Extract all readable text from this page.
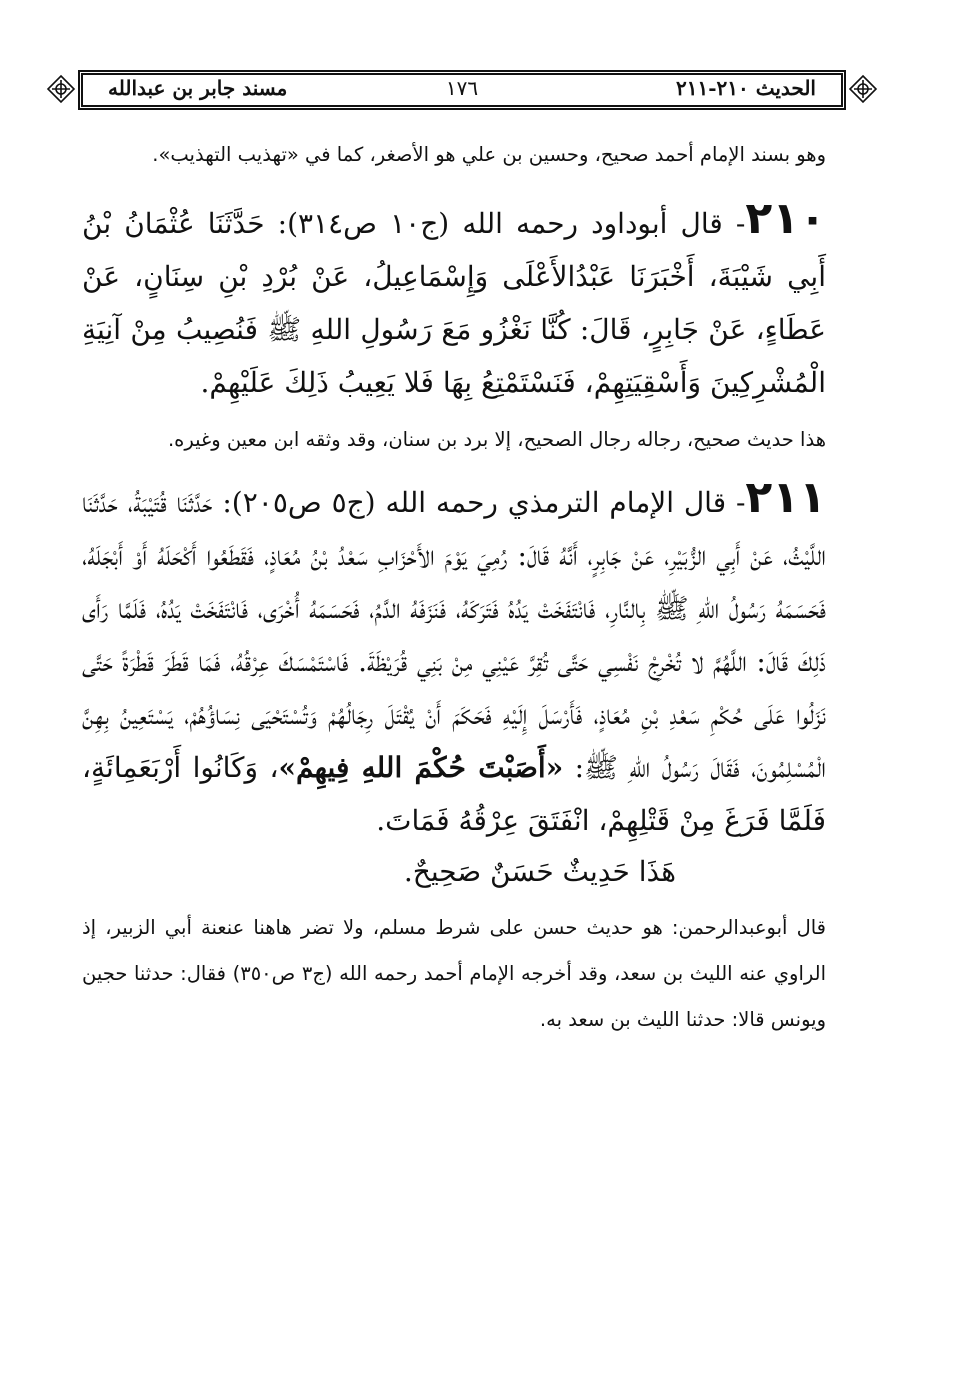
الحديث ٢١٠-٢١١
١٧٦
مسند جابر بن عبدالله

وهو بسند الإمام أحمد صحيح، وحسين بن علي هو الأصغر، كما في «تهذيب التهذيب».

٢١٠- قال أبوداود رحمه الله (ج١٠ ص٣١٤): حَدَّثَنَا عُثْمَانُ بْنُ أَبِي شَيْبَةَ، أَخْبَرَنَا عَبْدُالأَعْلَى وَإِسْمَاعِيلُ، عَنْ بُرْدِ بْنِ سِنَانٍ، عَنْ عَطَاءٍ، عَنْ جَابِرٍ، قَالَ: كُنَّا نَغْزُو مَعَ رَسُولِ اللهِ ﷺ فَنُصِيبُ مِنْ آنِيَةِ الْمُشْرِكِينَ وَأَسْقِيَتِهِمْ، فَنَسْتَمْتِعُ بِهَا فَلا يَعِيبُ ذَلِكَ عَلَيْهِمْ.

هذا حديث صحيح، رجاله رجال الصحيح، إلا برد بن سنان، وقد وثقه ابن معين وغيره.

٢١١- قال الإمام الترمذي رحمه الله (ج٥ ص٢٠٥): حَدَّثَنَا قُتَيْبَةُ، حَدَّثَنَا اللَّيْثُ، عَنْ أَبِي الزُّبَيْرِ، عَنْ جَابِرٍ، أَنَّهُ قَالَ: رُمِيَ يَوْمَ الأَحْزَابِ سَعْدُ بْنُ مُعَاذٍ، فَقَطَعُوا أَكْحَلَهُ أَوْ أَبْجَلَهُ، فَحَسَمَهُ رَسُولُ اللهِ ﷺ بِالنَّارِ، فَانْتَفَخَتْ يَدُهُ فَتَرَكَهُ، فَنَزَفَهُ الدَّمُ، فَحَسَمَهُ أُخْرَى، فَانْتَفَخَتْ يَدُهُ، فَلَمَّا رَأَى ذَلِكَ قَالَ: اللَّهُمَّ لا تُخْرِجْ نَفْسِي حَتَّى تُقِرَّ عَيْنِي مِنْ بَنِي قُرَيْظَةَ. فَاسْتَمْسَكَ عِرْقُهُ، فَمَا قَطَرَ قَطْرَةً حَتَّى نَزَلُوا عَلَى حُكْمِ سَعْدِ بْنِ مُعَاذٍ، فَأَرْسَلَ إِلَيْهِ فَحَكَمَ أَنْ يُقْتَلَ رِجَالُهُمْ وَتُسْتَحْيَى نِسَاؤُهُمْ، يَسْتَعِينُ بِهِنَّ الْمُسْلِمُونَ، فَقَالَ رَسُولُ اللهِ ﷺ: «أَصَبْتَ حُكْمَ اللهِ فِيهِمْ»، وَكَانُوا أَرْبَعَمِائَةٍ، فَلَمَّا فَرَغَ مِنْ قَتْلِهِمْ، انْفَتَقَ عِرْقُهُ فَمَاتَ.

هَذَا حَدِيثٌ حَسَنٌ صَحِيحٌ.

قال أبوعبدالرحمن: هو حديث حسن على شرط مسلم، ولا تضر هاهنا عنعنة أبي الزبير، إذ الراوي عنه الليث بن سعد، وقد أخرجه الإمام أحمد رحمه الله (ج٣ ص٣٥٠) فقال: حدثنا حجين ويونس قالا: حدثنا الليث بن سعد به.
